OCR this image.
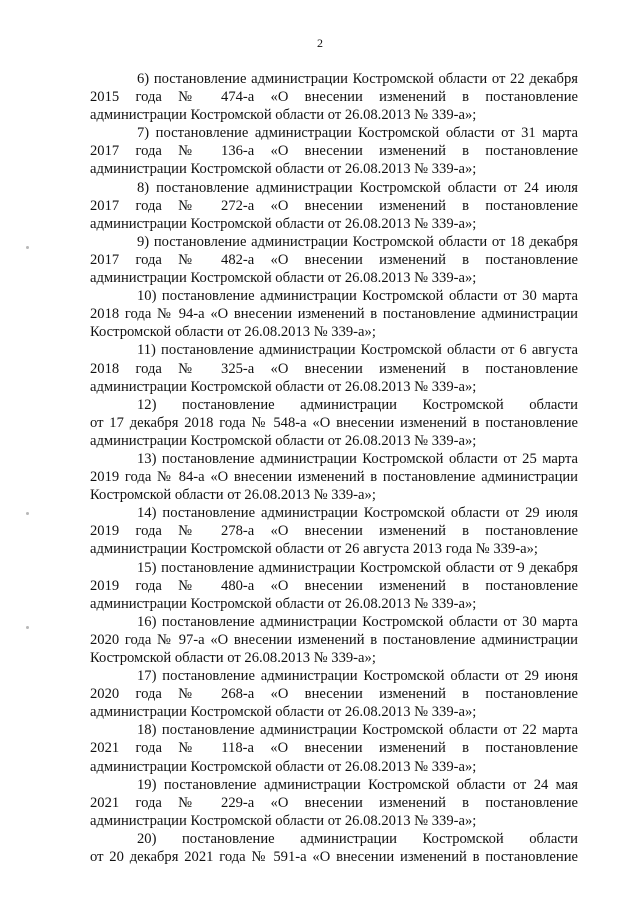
2
6) постановление администрации Костромской области от 22 декабря
2015 года № 474-а «О внесении изменений в постановление
администрации Костромской области от 26.08.2013 № 339-а»;
7) постановление администрации Костромской области от 31 марта
2017 года № 136-а «О внесении изменений в постановление
администрации Костромской области от 26.08.2013 № 339-а»;
8) постановление администрации Костромской области от 24 июля
2017 года № 272-а «О внесении изменений в постановление
администрации Костромской области от 26.08.2013 № 339-а»;
9) постановление администрации Костромской области от 18 декабря
2017 года № 482-а «О внесении изменений в постановление
администрации Костромской области от 26.08.2013 № 339-а»;
10) постановление администрации Костромской области от 30 марта
2018 года № 94-а «О внесении изменений в постановление администрации
Костромской области от 26.08.2013 № 339-а»;
11) постановление администрации Костромской области от 6 августа
2018 года № 325-а «О внесении изменений в постановление
администрации Костромской области от 26.08.2013 № 339-а»;
12) постановление администрации Костромской области
от 17 декабря 2018 года № 548-а «О внесении изменений в постановление
администрации Костромской области от 26.08.2013 № 339-а»;
13) постановление администрации Костромской области от 25 марта
2019 года № 84-а «О внесении изменений в постановление администрации
Костромской области от 26.08.2013 № 339-а»;
14) постановление администрации Костромской области от 29 июля
2019 года № 278-а «О внесении изменений в постановление
администрации Костромской области от 26 августа 2013 года № 339-а»;
15) постановление администрации Костромской области от 9 декабря
2019 года № 480-а «О внесении изменений в постановление
администрации Костромской области от 26.08.2013 № 339-а»;
16) постановление администрации Костромской области от 30 марта
2020 года № 97-а «О внесении изменений в постановление администрации
Костромской области от 26.08.2013 № 339-а»;
17) постановление администрации Костромской области от 29 июня
2020 года № 268-а «О внесении изменений в постановление
администрации Костромской области от 26.08.2013 № 339-а»;
18) постановление администрации Костромской области от 22 марта
2021 года № 118-а «О внесении изменений в постановление
администрации Костромской области от 26.08.2013 № 339-а»;
19) постановление администрации Костромской области от 24 мая
2021 года № 229-а «О внесении изменений в постановление
администрации Костромской области от 26.08.2013 № 339-а»;
20) постановление администрации Костромской области
от 20 декабря 2021 года № 591-а «О внесении изменений в постановление
